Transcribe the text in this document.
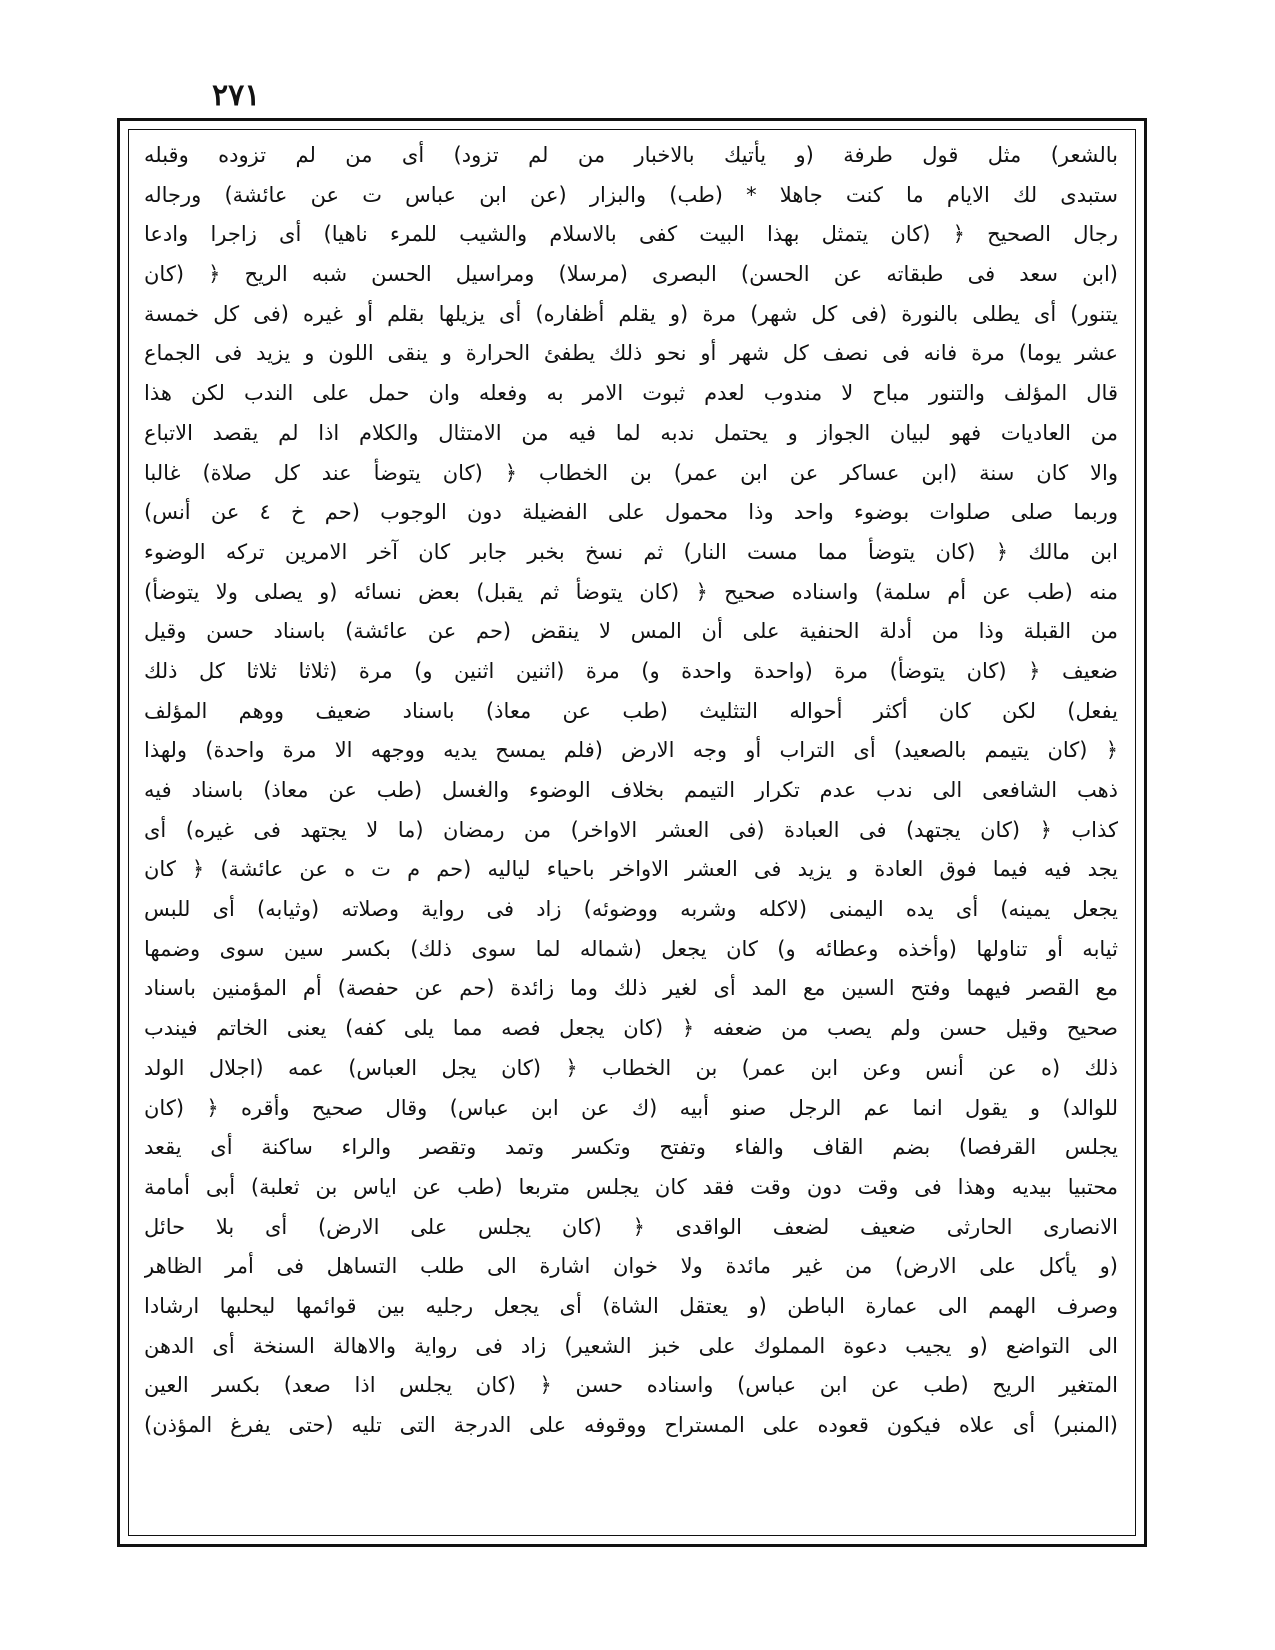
٢٧١
بالشعر) مثل قول طرفة (و يأتيك بالاخبار من لم تزود) أى من لم تزوده وقبله
ستبدى لك الايام ما كنت جاهلا * (طب) والبزار (عن ابن عباس ت عن عائشة) ورجاله
رجال الصحيح ﴿ (كان يتمثل بهذا البيت كفى بالاسلام والشيب للمرء ناهيا) أى زاجرا وادعا
(ابن سعد فى طبقاته عن الحسن) البصرى (مرسلا) ومراسيل الحسن شبه الريح ﴿ (كان
يتنور) أى يطلى بالنورة (فى كل شهر) مرة (و يقلم أظفاره) أى يزيلها بقلم أو غيره (فى كل خمسة
عشر يوما) مرة فانه فى نصف كل شهر أو نحو ذلك يطفئ الحرارة و ينقى اللون و يزيد فى الجماع
قال المؤلف والتنور مباح لا مندوب لعدم ثبوت الامر به وفعله وان حمل على الندب لكن هذا
من العاديات فهو لبيان الجواز و يحتمل ندبه لما فيه من الامتثال والكلام اذا لم يقصد الاتباع
والا كان سنة (ابن عساكر عن ابن عمر) بن الخطاب ﴿ (كان يتوضأ عند كل صلاة) غالبا
وربما صلى صلوات بوضوء واحد وذا محمول على الفضيلة دون الوجوب (حم خ ٤ عن أنس)
ابن مالك ﴿ (كان يتوضأ مما مست النار) ثم نسخ بخبر جابر كان آخر الامرين تركه الوضوء
منه (طب عن أم سلمة) واسناده صحيح ﴿ (كان يتوضأ ثم يقبل) بعض نسائه (و يصلى ولا يتوضأ)
من القبلة وذا من أدلة الحنفية على أن المس لا ينقض (حم عن عائشة) باسناد حسن وقيل
ضعيف ﴿ (كان يتوضأ) مرة (واحدة واحدة و) مرة (اثنين اثنين و) مرة (ثلاثا ثلاثا كل ذلك
يفعل) لكن كان أكثر أحواله التثليث (طب عن معاذ) باسناد ضعيف ووهم المؤلف
﴿ (كان يتيمم بالصعيد) أى التراب أو وجه الارض (فلم يمسح يديه ووجهه الا مرة واحدة) ولهذا
ذهب الشافعى الى ندب عدم تكرار التيمم بخلاف الوضوء والغسل (طب عن معاذ) باسناد فيه
كذاب ﴿ (كان يجتهد) فى العبادة (فى العشر الاواخر) من رمضان (ما لا يجتهد فى غيره) أى
يجد فيه فيما فوق العادة و يزيد فى العشر الاواخر باحياء لياليه (حم م ت ه عن عائشة) ﴿ كان
يجعل يمينه) أى يده اليمنى (لاكله وشربه ووضوئه) زاد فى رواية وصلاته (وثيابه) أى للبس
ثيابه أو تناولها (وأخذه وعطائه و) كان يجعل (شماله لما سوى ذلك) بكسر سين سوى وضمها
مع القصر فيهما وفتح السين مع المد أى لغير ذلك وما زائدة (حم عن حفصة) أم المؤمنين باسناد
صحيح وقيل حسن ولم يصب من ضعفه ﴿ (كان يجعل فصه مما يلى كفه) يعنى الخاتم فيندب
ذلك (ه عن أنس وعن ابن عمر) بن الخطاب ﴿ (كان يجل العباس) عمه (اجلال الولد
للوالد) و يقول انما عم الرجل صنو أبيه (ك عن ابن عباس) وقال صحيح وأقره ﴿ (كان
يجلس القرفصا) بضم القاف والفاء وتفتح وتكسر وتمد وتقصر والراء ساكنة أى يقعد
محتبيا بيديه وهذا فى وقت دون وقت فقد كان يجلس متربعا (طب عن اياس بن ثعلبة) أبى أمامة
الانصارى الحارثى ضعيف لضعف الواقدى ﴿ (كان يجلس على الارض) أى بلا حائل
(و يأكل على الارض) من غير مائدة ولا خوان اشارة الى طلب التساهل فى أمر الظاهر
وصرف الهمم الى عمارة الباطن (و يعتقل الشاة) أى يجعل رجليه بين قوائمها ليحلبها ارشادا
الى التواضع (و يجيب دعوة المملوك على خبز الشعير) زاد فى رواية والاهالة السنخة أى الدهن
المتغير الريح (طب عن ابن عباس) واسناده حسن ﴿ (كان يجلس اذا صعد) بكسر العين
(المنبر) أى علاه فيكون قعوده على المستراح ووقوفه على الدرجة التى تليه (حتى يفرغ المؤذن)
